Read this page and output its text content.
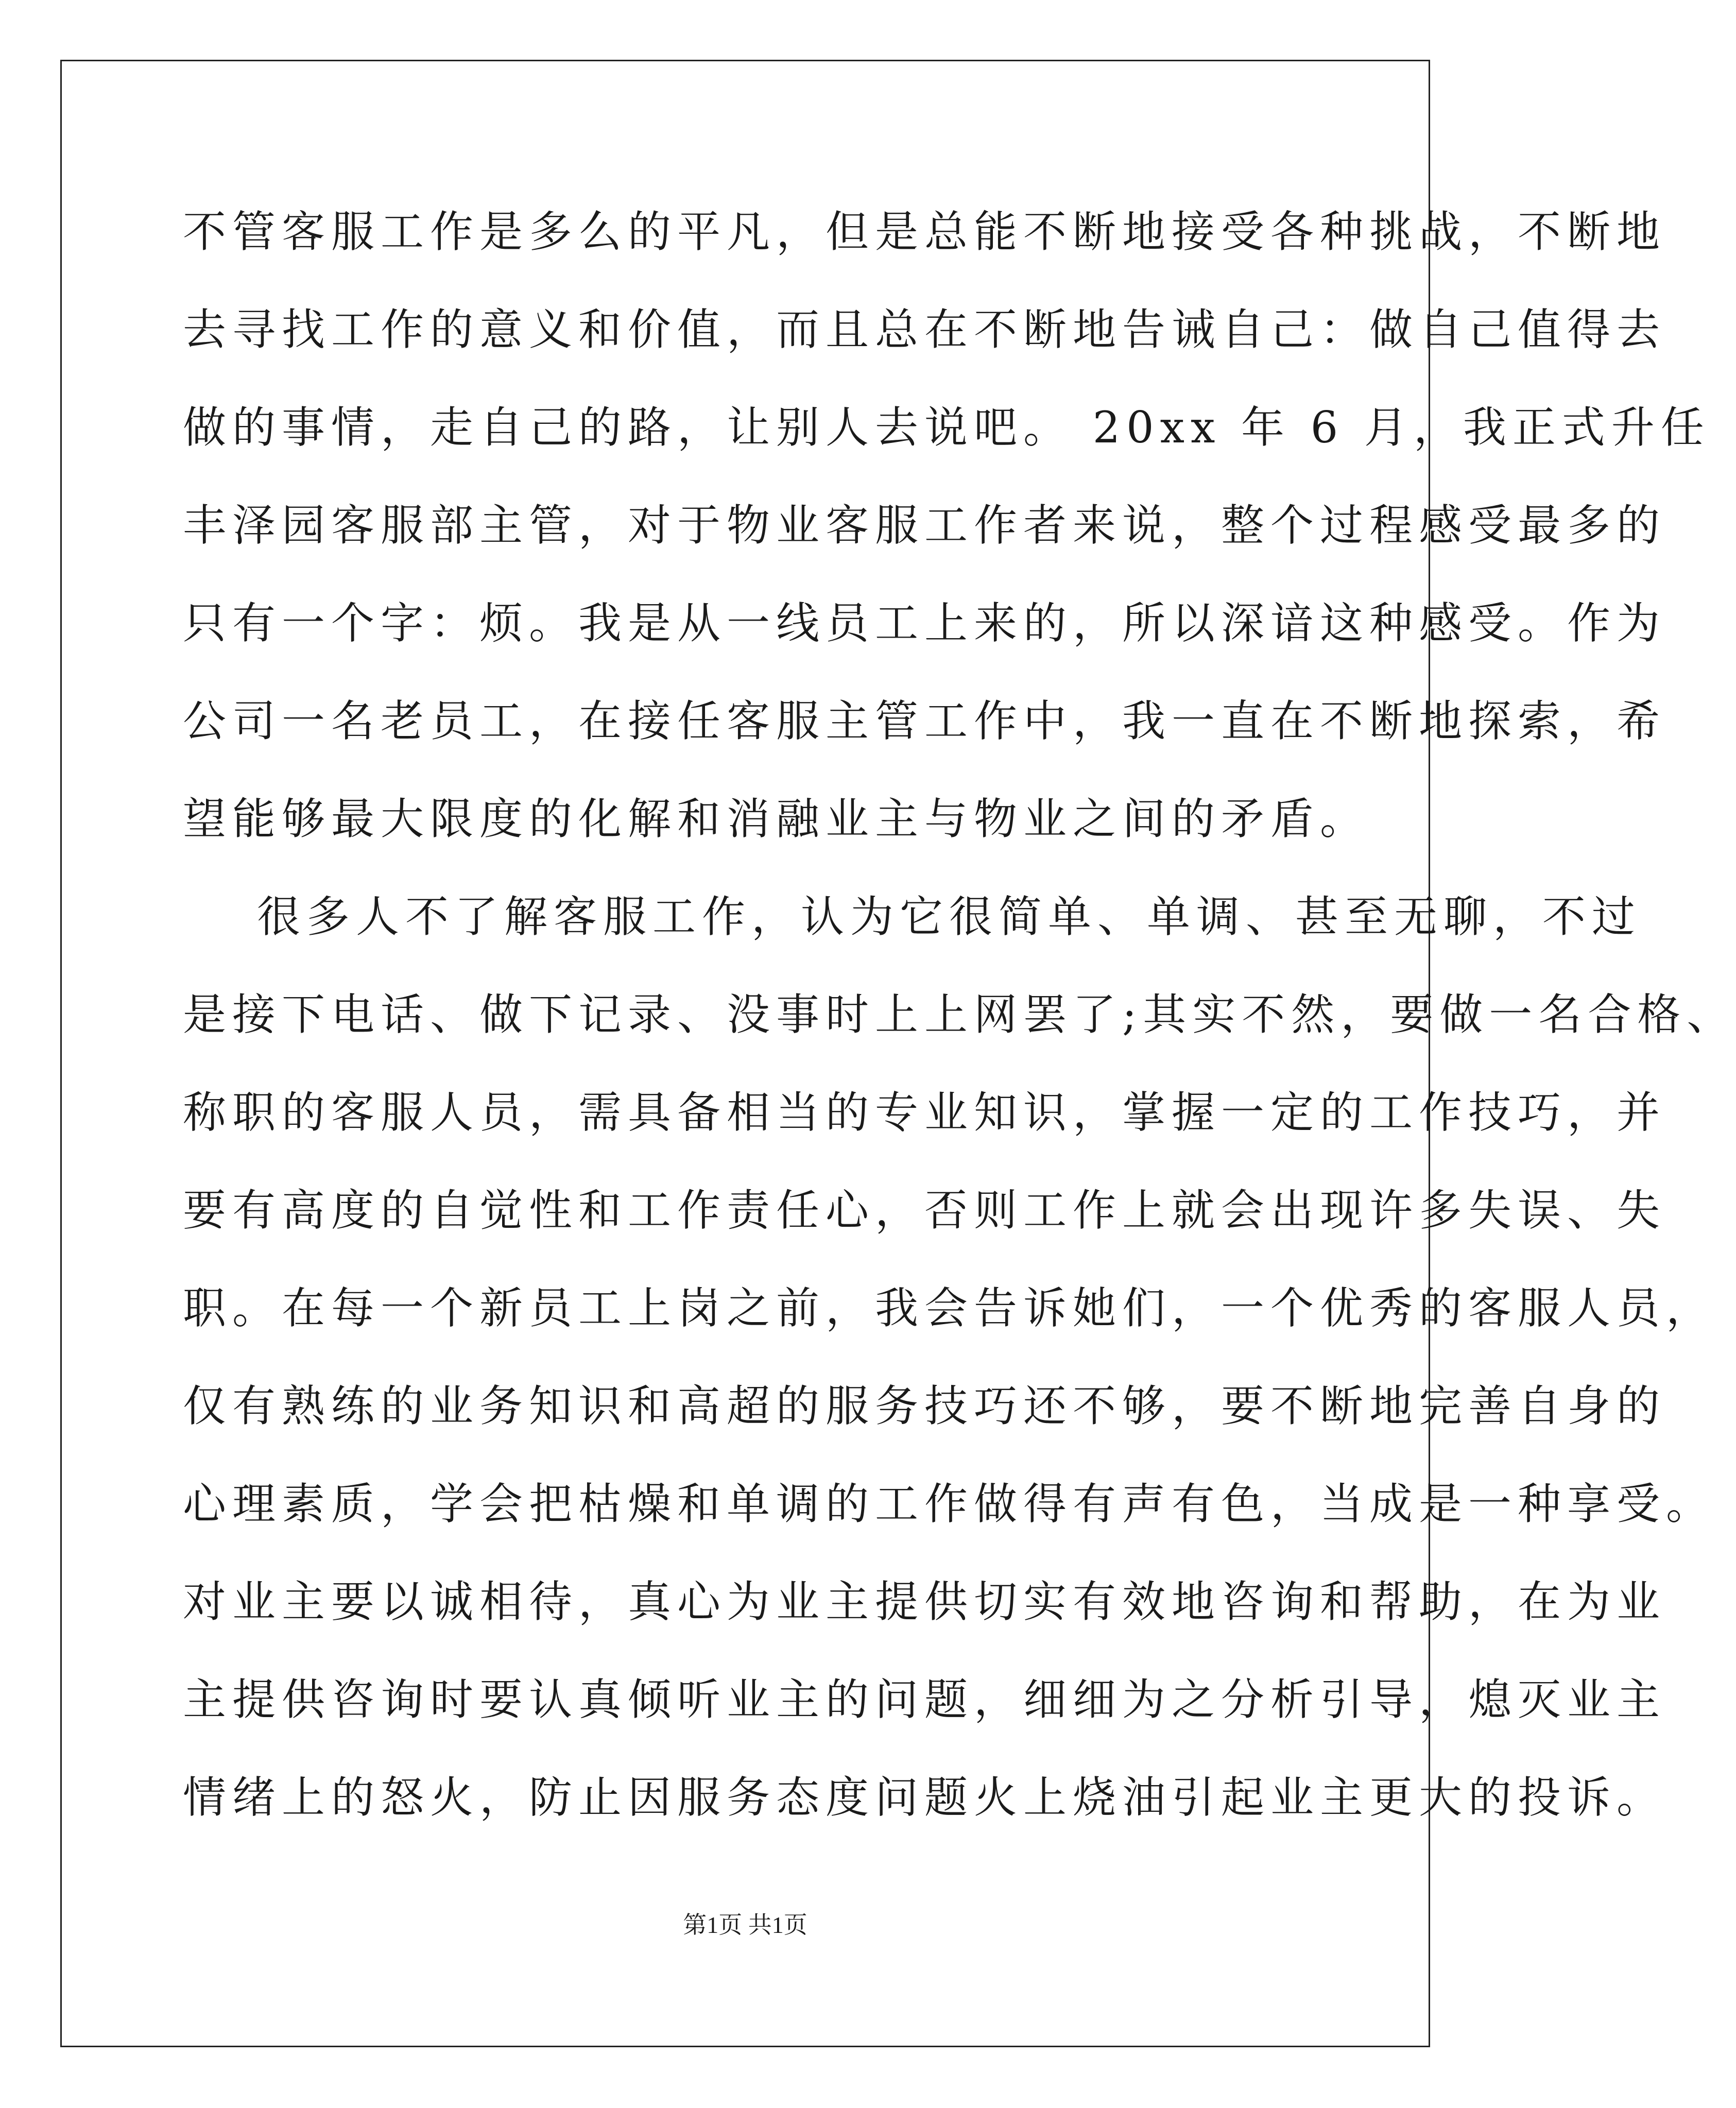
不管客服工作是多么的平凡，但是总能不断地接受各种挑战，不断地
去寻找工作的意义和价值，而且总在不断地告诫自己：做自己值得去
做的事情，走自己的路，让别人去说吧。 20xx 年 6 月，我正式升任
丰泽园客服部主管，对于物业客服工作者来说，整个过程感受最多的
只有一个字：烦。我是从一线员工上来的，所以深谙这种感受。作为
公司一名老员工，在接任客服主管工作中，我一直在不断地探索，希
望能够最大限度的化解和消融业主与物业之间的矛盾。
很多人不了解客服工作，认为它很简单、单调、甚至无聊，不过
是接下电话、做下记录、没事时上上网罢了;其实不然，要做一名合格、
称职的客服人员，需具备相当的专业知识，掌握一定的工作技巧，并
要有高度的自觉性和工作责任心，否则工作上就会出现许多失误、失
职。在每一个新员工上岗之前，我会告诉她们，一个优秀的客服人员，
仅有熟练的业务知识和高超的服务技巧还不够，要不断地完善自身的
心理素质，学会把枯燥和单调的工作做得有声有色，当成是一种享受。
对业主要以诚相待，真心为业主提供切实有效地咨询和帮助，在为业
主提供咨询时要认真倾听业主的问题，细细为之分析引导，熄灭业主
情绪上的怒火，防止因服务态度问题火上烧油引起业主更大的投诉。
第1页 共1页
